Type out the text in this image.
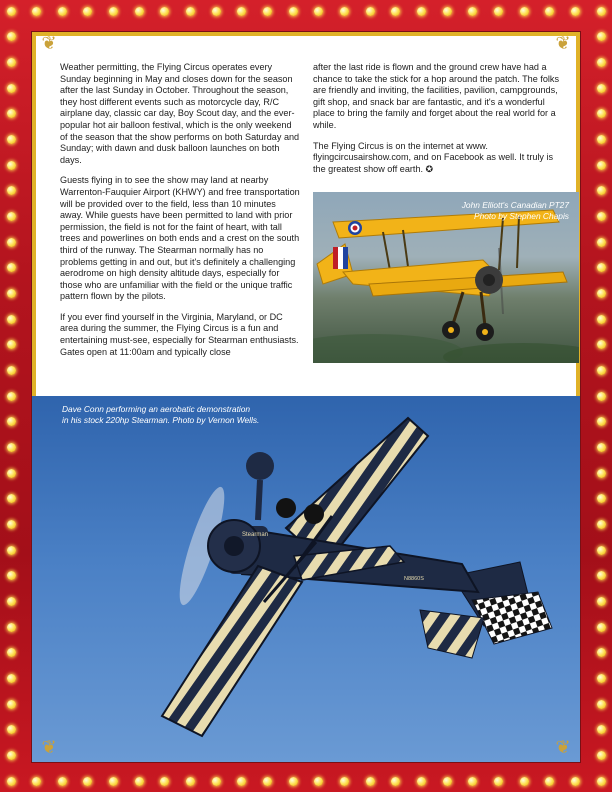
❦	❦
❦	❦

Weather permitting, the Flying Circus operates every Sunday beginning in May and closes down for the season after the last Sunday in October. Throughout the season, they host different events such as motorcycle day, R/C airplane day, classic car day, Boy Scout day, and the ever-popular hot air balloon festival, which is the only weekend of the season that the show performs on both Saturday and Sunday; with dawn and dusk balloon launches on both days.

Guests flying in to see the show may land at nearby Warrenton-Fauquier Airport (KHWY) and free transportation will be provided over to the field, less than 10 minutes away. While guests have been permitted to land with prior permission, the field is not for the faint of heart, with tall trees and powerlines on both ends and a crest on the south third of the runway. The Stearman normally has no problems getting in and out, but it's definitely a challenging aerodrome on high density altitude days, especially for those who are unfamiliar with the field or the unique traffic pattern flown by the pilots.

If you ever find yourself in the Virginia, Maryland, or DC area during the summer, the Flying Circus is a fun and entertaining must-see, especially for Stearman enthusiasts. Gates open at 11:00am and typically close

after the last ride is flown and the ground crew have had a chance to take the stick for a hop around the patch. The folks are friendly and inviting, the facilities, pavilion, campgrounds, gift shop, and snack bar are fantastic, and it's a wonderful place to bring the family and forget about the real world for a while.

The Flying Circus is on the internet at www. flyingcircusairshow.com, and on Facebook as well. It truly is the greatest show off earth. ✪

John Elliott's Canadian PT27
Photo by Stephen Chapis
Stearman
N8860S
Dave Conn performing an aerobatic demonstration
in his stock 220hp Stearman. Photo by Vernon Wells.
